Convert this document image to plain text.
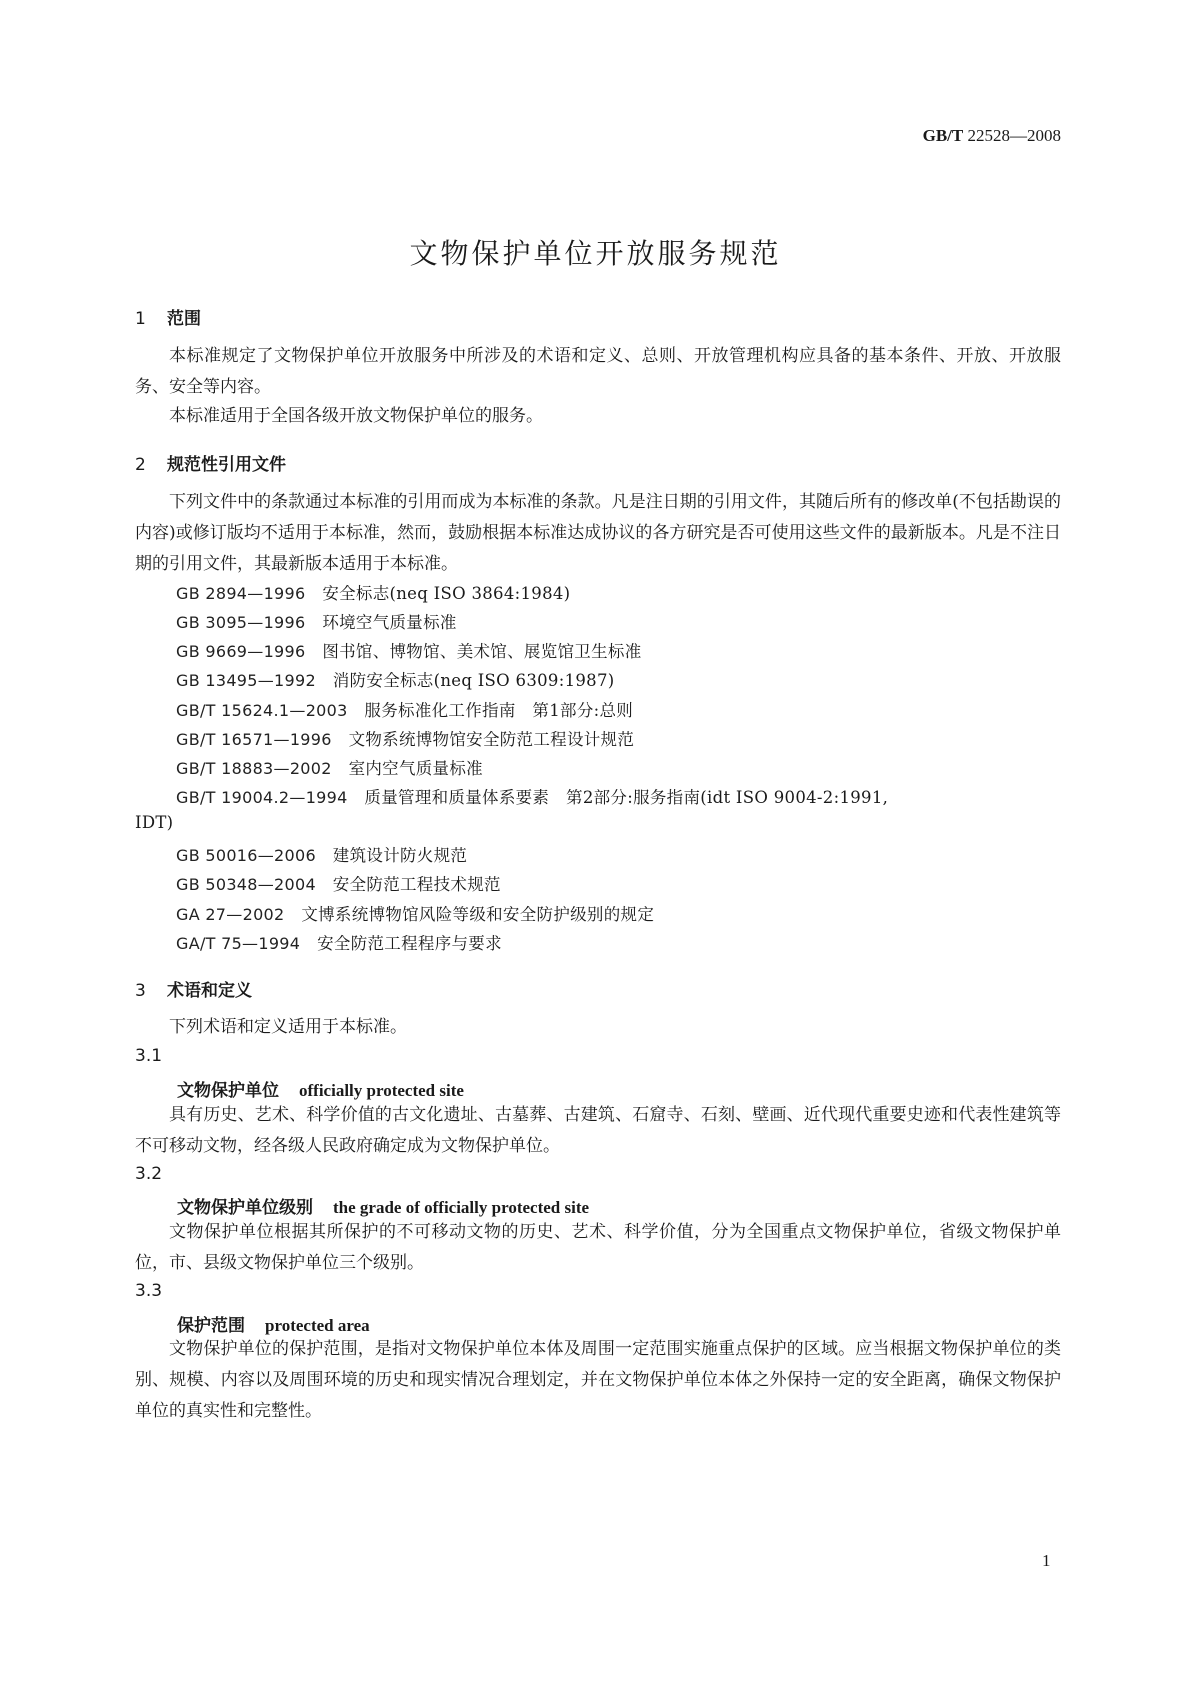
GB/T 22528—2008
文物保护单位开放服务规范
1 范围
本标准规定了文物保护单位开放服务中所涉及的术语和定义、总则、开放管理机构应具备的基本条件、开放、开放服务、安全等内容。
本标准适用于全国各级开放文物保护单位的服务。
2 规范性引用文件
下列文件中的条款通过本标准的引用而成为本标准的条款。凡是注日期的引用文件，其随后所有的修改单(不包括勘误的内容)或修订版均不适用于本标准，然而，鼓励根据本标准达成协议的各方研究是否可使用这些文件的最新版本。凡是不注日期的引用文件，其最新版本适用于本标准。
GB 2894—1996  安全标志(neq ISO 3864:1984)
GB 3095—1996  环境空气质量标准
GB 9669—1996  图书馆、博物馆、美术馆、展览馆卫生标准
GB 13495—1992  消防安全标志(neq ISO 6309:1987)
GB/T 15624.1—2003  服务标准化工作指南　第1部分:总则
GB/T 16571—1996  文物系统博物馆安全防范工程设计规范
GB/T 18883—2002  室内空气质量标准
GB/T 19004.2—1994  质量管理和质量体系要素　第2部分:服务指南(idt ISO 9004-2:1991,
IDT)
GB 50016—2006  建筑设计防火规范
GB 50348—2004  安全防范工程技术规范
GA 27—2002  文博系统博物馆风险等级和安全防护级别的规定
GA/T 75—1994  安全防范工程程序与要求
3 术语和定义
下列术语和定义适用于本标准。
3.1
文物保护单位 officially protected site
具有历史、艺术、科学价值的古文化遗址、古墓葬、古建筑、石窟寺、石刻、壁画、近代现代重要史迹和代表性建筑等不可移动文物，经各级人民政府确定成为文物保护单位。
3.2
文物保护单位级别 the grade of officially protected site
文物保护单位根据其所保护的不可移动文物的历史、艺术、科学价值，分为全国重点文物保护单位，省级文物保护单位，市、县级文物保护单位三个级别。
3.3
保护范围 protected area
文物保护单位的保护范围，是指对文物保护单位本体及周围一定范围实施重点保护的区域。应当根据文物保护单位的类别、规模、内容以及周围环境的历史和现实情况合理划定，并在文物保护单位本体之外保持一定的安全距离，确保文物保护单位的真实性和完整性。
1
